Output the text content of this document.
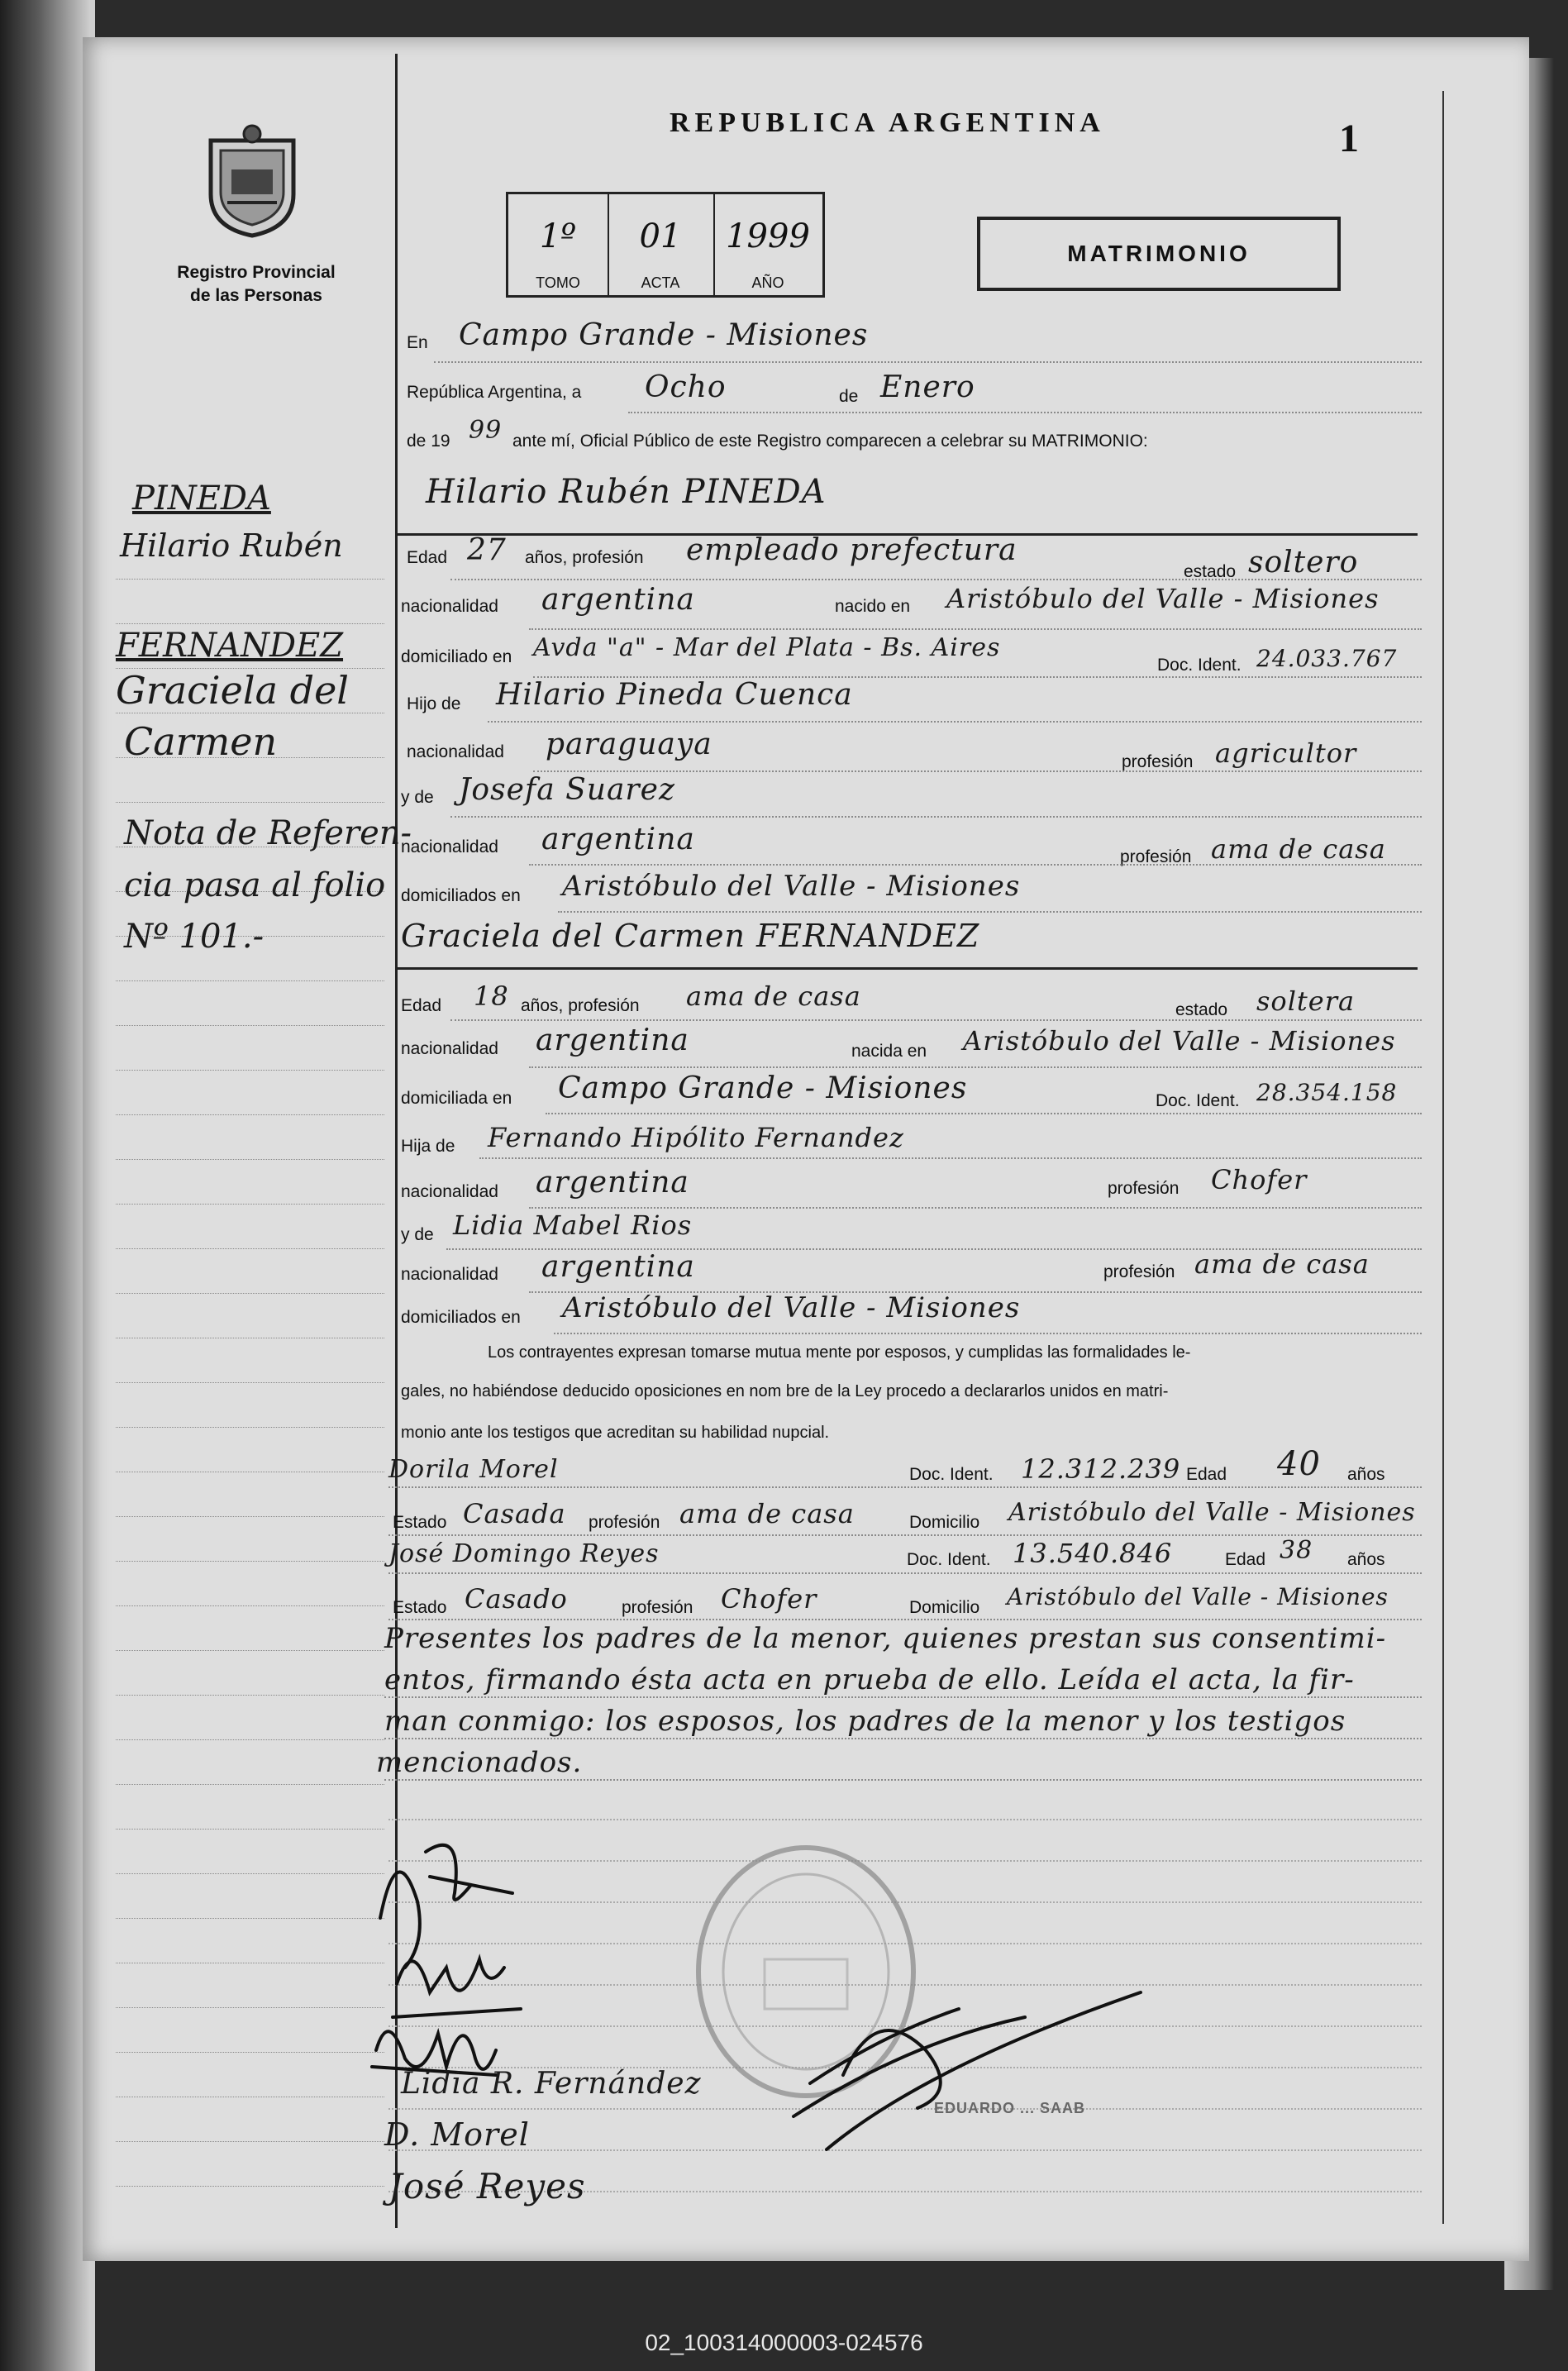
REPUBLICA ARGENTINA	1
Registro Provincial
de las Personas
1º
TOMO
01
ACTA
1999
AÑO
MATRIMONIO
PINEDA
Hilario Rubén
FERNANDEZ
Graciela del
Carmen
Nota de Referen-
cia pasa al folio
Nº 101.-
En Campo Grande - Misiones
República Argentina, a Ocho	de Enero
de 19 99 ante mí, Oficial Público de este Registro comparecen a celebrar su MATRIMONIO:
Hilario Rubén PINEDA
Edad 27 años, profesión empleado prefectura
estado soltero
nacionalidad argentina	nacido en Aristóbulo del Valle - Misiones
domiciliado en Avda "a" - Mar del Plata - Bs. Aires
Doc. Ident. 24.033.767
Hijo de Hilario Pineda Cuenca
nacionalidad paraguaya
profesión agricultor
y de Josefa Suarez
nacionalidad argentina
profesión ama de casa
domiciliados en Aristóbulo del Valle - Misiones
Graciela del Carmen FERNANDEZ
Edad 18 años, profesión ama de casa	estado soltera
nacionalidad argentina	nacida en Aristóbulo del Valle - Misiones
domiciliada en Campo Grande - Misiones	Doc. Ident. 28.354.158
Hija de Fernando Hipólito Fernandez
nacionalidad argentina	profesión Chofer
y de Lidia Mabel Rios
nacionalidad argentina	profesión ama de casa
domiciliados en Aristóbulo del Valle - Misiones
Los contrayentes expresan tomarse mutua mente por esposos, y cumplidas las formalidades le-
gales, no habiéndose deducido oposiciones en nom bre de la Ley procedo a declararlos unidos en matri-
monio ante los testigos que acreditan su habilidad nupcial.
Dorila Morel	Doc. Ident. 12.312.239 Edad 40 años
Estado Casada profesión ama de casa	Domicilio Aristóbulo del Valle - Misiones
José Domingo Reyes	Doc. Ident. 13.540.846	Edad 38 años
Estado Casado	profesión Chofer	Domicilio Aristóbulo del Valle - Misiones
Presentes los padres de la menor, quienes prestan sus consentimi-
entos, firmando ésta acta en prueba de ello. Leída el acta, la fir-
man conmigo: los esposos, los padres de la menor y los testigos
mencionados.
Lidia R. Fernández
D. Morel
José Reyes
EDUARDO ... SAAB
02_100314000003-024576
